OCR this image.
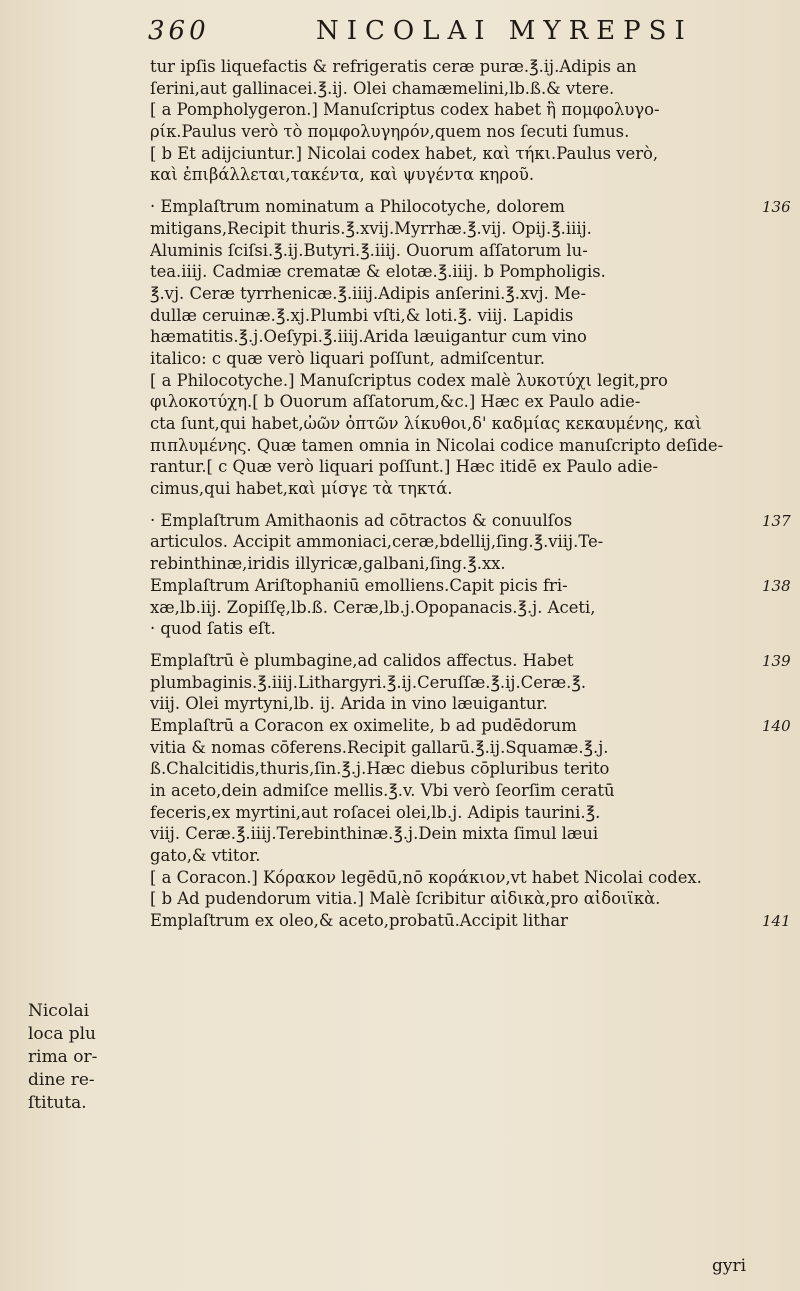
360	NICOLAI MYREPSI
tur ipſis liquefactis & refrigeratis ceræ puræ.℥.ij.Adipis an
ſerini,aut gallinacei.℥.ij. Olei chamæmelini,lb.ß.& vtere.
[ a Pompholygeron.] Manuſcriptus codex habet ἢ πομφολυγο-
ρίκ.Paulus verò τὸ πομφολυγηρόν,quem nos ſecuti ſumus.
[ b Et adijciuntur.] Nicolai codex habet, καὶ τήκι.Paulus verò,
καὶ ἐπιβάλλεται,τακέντα, καὶ ψυγέντα κηροῦ.
· Emplaſtrum nominatum a Philocotyche, dolorem
mitigans,Recipit thuris.℥.xvij.Myrrhæ.℥.vij. Opij.℥.iiij.
Aluminis ſciſsi.℥.ij.Butyri.℥.iiij. Ouorum aſſatorum lu-
tea.iiij. Cadmiæ crematæ & elotæ.℥.iiij. b Pompholigis.
℥.vj. Ceræ tyrrhenicæ.℥.iiij.Adipis anſerini.℥.xvj. Me-
dullæ ceruinæ.℥.xj.Plumbi vſti,& loti.℥. viij. Lapidis
hæmatitis.℥.j.Oeſypi.℥.iiij.Arida læuigantur cum vino
italico: c quæ verò liquari poſſunt, admiſcentur.
[ a Philocotyche.] Manuſcriptus codex malè λυκοτύχι legit,pro
φιλοκοτύχη.[ b Ouorum aſſatorum,&c.] Hæc ex Paulo adie-
cta ſunt,qui habet,ὠῶν ὀπτῶν λίκυθοι,δ' καδμίας κεκαυμένης, καὶ
πιπλυμένης. Quæ tamen omnia in Nicolai codice manuſcripto deſide-
rantur.[ c Quæ verò liquari poſſunt.] Hæc itidē ex Paulo adie-
cimus,qui habet,καὶ μίσγε τὰ τηκτά.
· Emplaſtrum Amithaonis ad cōtractos & conuulſos
articulos. Accipit ammoniaci,ceræ,bdellij,ſing.℥.viij.Te-
rebinthinæ,iridis illyricæ,galbani,ſing.℥.xx.
Emplaſtrum Ariſtophaniū emolliens.Capit picis fri-
xæ,lb.iij. Zopiſſę,lb.ß. Ceræ,lb.j.Opopanacis.℥.j. Aceti,
· quod ſatis eſt.
Emplaſtrū è plumbagine,ad calidos affectus. Habet
plumbaginis.℥.iiij.Lithargyri.℥.ij.Ceruſſæ.℥.ij.Ceræ.℥.
viij. Olei myrtyni,lb. ij. Arida in vino læuigantur.
Emplaſtrū a Coracon ex oximelite, b ad pudēdorum
vitia & nomas cōferens.Recipit gallarū.℥.ij.Squamæ.℥.j.
ß.Chalcitidis,thuris,ſin.℥.j.Hæc diebus cōpluribus terito
in aceto,dein admiſce mellis.℥.v. Vbi verò ſeorſim ceratū
feceris,ex myrtini,aut roſacei olei,lb.j. Adipis taurini.℥.
viij. Ceræ.℥.iiij.Terebinthinæ.℥.j.Dein mixta ſimul læui
gato,& vtitor.
[ a Coracon.] Κόρακον legēdū,nō κοράκιον,vt habet Nicolai codex.
[ b Ad pudendorum vitia.] Malè ſcribitur αἰδικὰ,pro αἰδοιϊκὰ.
Emplaſtrum ex oleo,& aceto,probatū.Accipit lithar
136
137
138
139
140
141
Nicolai
loca plu
rima or-
dine re-
ſtituta.
gyri
